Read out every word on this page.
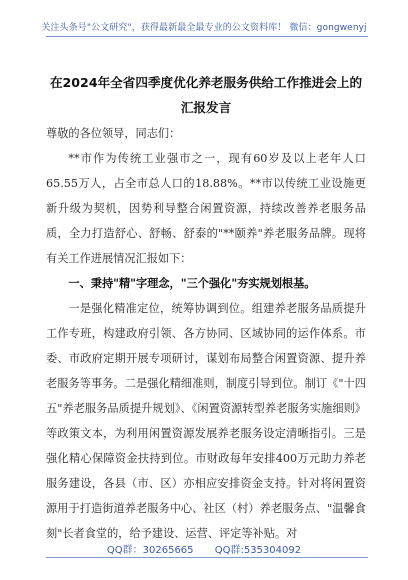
关注头条号"公文研究"，获得最新最全最专业的公文资料库！ 微信：gongwenyj
在2024年全省四季度优化养老服务供给工作推进会上的汇报发言

尊敬的各位领导，同志们：

**市作为传统工业强市之一，现有60岁及以上老年人口65.55万人，占全市总人口的18.88%。**市以传统工业设施更新升级为契机，因势利导整合闲置资源，持续改善养老服务品质，全力打造舒心、舒畅、舒泰的"**颐养"养老服务品牌。现将有关工作进展情况汇报如下：

一、秉持"精"字理念，"三个强化"夯实规划根基。

一是强化精准定位，统筹协调到位。组建养老服务品质提升工作专班，构建政府引领、各方协同、区域协同的运作体系。市委、市政府定期开展专项研讨，谋划布局整合闲置资源、提升养老服务等事务。二是强化精细准则，制度引导到位。制订《"十四五"养老服务品质提升规划》、《闲置资源转型养老服务实施细则》等政策文本，为利用闲置资源发展养老服务设定清晰指引。三是强化精心保障资金扶持到位。市财政每年安排400万元助力养老服务建设，各县（市、区）亦相应安排资金支持。针对将闲置资源用于打造街道养老服务中心、社区（村）养老服务点、"温馨食刻"长者食堂的，给予建设、运营、评定等补贴。对

QQ群：30265665 QQ群:535304092
